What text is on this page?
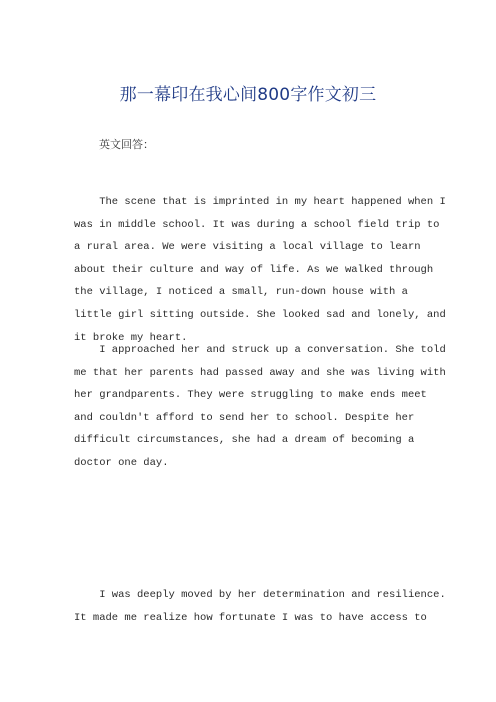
那一幕印在我心间800字作文初三
英文回答：
The scene that is imprinted in my heart happened when I
was in middle school. It was during a school field trip to
a rural area. We were visiting a local village to learn
about their culture and way of life. As we walked through
the village, I noticed a small, run-down house with a
little girl sitting outside. She looked sad and lonely, and
it broke my heart.
I approached her and struck up a conversation. She told
me that her parents had passed away and she was living with
her grandparents. They were struggling to make ends meet
and couldn't afford to send her to school. Despite her
difficult circumstances, she had a dream of becoming a
doctor one day.
I was deeply moved by her determination and resilience.
It made me realize how fortunate I was to have access to
